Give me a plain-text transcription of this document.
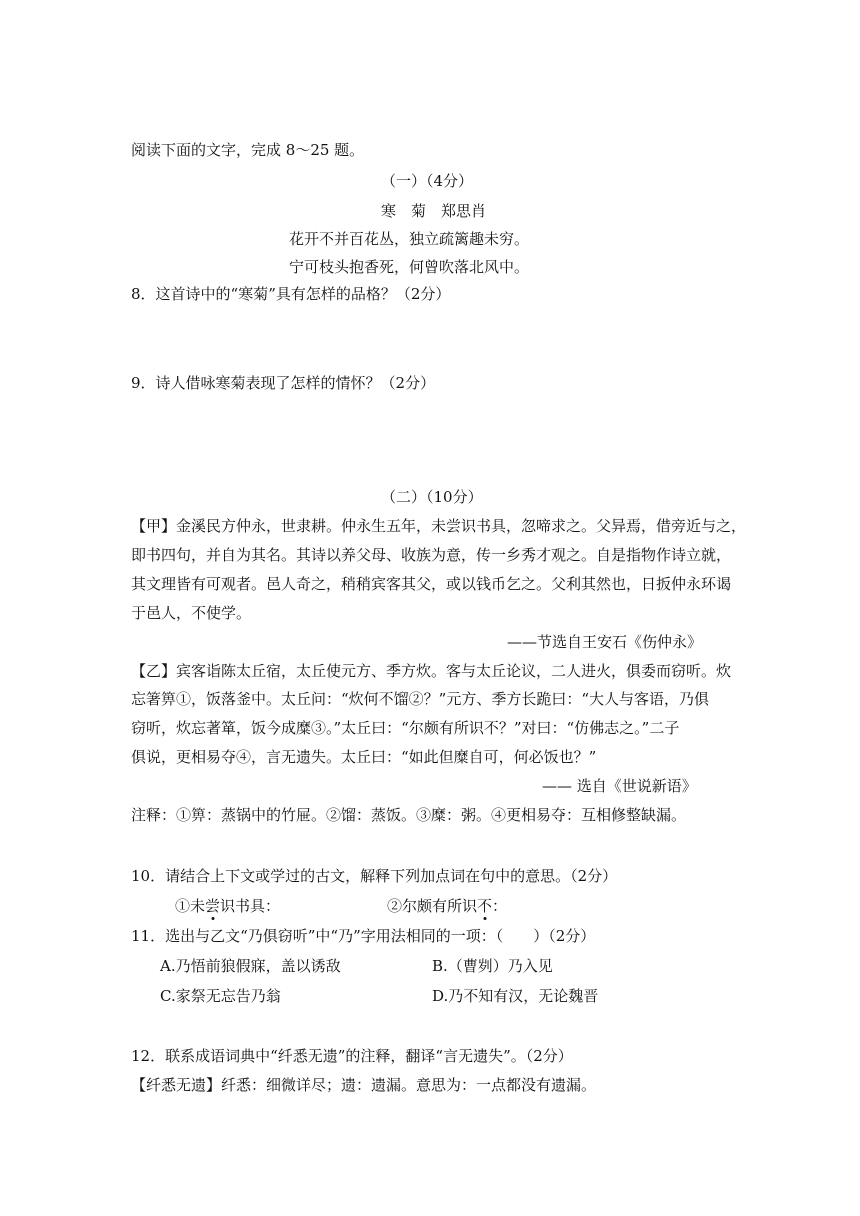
阅读下面的文字，完成 8～25 题。
（一）（4分）
寒　菊　郑思肖
花开不并百花丛，独立疏篱趣未穷。
宁可枝头抱香死，何曾吹落北风中。
8．这首诗中的“寒菊”具有怎样的品格？（2分）
9．诗人借咏寒菊表现了怎样的情怀？（2分）
（二）（10分）
【甲】金溪民方仲永，世隶耕。仲永生五年，未尝识书具，忽啼求之。父异焉，借旁近与之，
即书四句，并自为其名。其诗以养父母、收族为意，传一乡秀才观之。自是指物作诗立就，
其文理皆有可观者。邑人奇之，稍稍宾客其父，或以钱币乞之。父利其然也，日扳仲永环谒
于邑人，不使学。
——节选自王安石《伤仲永》
【乙】宾客诣陈太丘宿，太丘使元方、季方炊。客与太丘论议，二人进火，俱委而窃听。炊
忘箸箅①，饭落釜中。太丘问：“炊何不馏②？”元方、季方长跪曰：“大人与客语，乃俱
窃听，炊忘著箪，饭今成糜③。”太丘曰：“尔颇有所识不？”对曰：“仿佛志之。”二子
俱说，更相易夺④，言无遗失。太丘曰：“如此但糜自可，何必饭也？”
—— 选自《世说新语》
注释：①箅：蒸锅中的竹屉。②馏：蒸饭。③糜：粥。④更相易夺：互相修整缺漏。
10．请结合上下文或学过的古文，解释下列加点词在句中的意思。（2分）
①未尝识书具：	②尔颇有所识不：
11．选出与乙文“乃俱窃听”中“乃”字用法相同的一项：（　　）（2分）
A.乃悟前狼假寐，盖以诱敌	B.（曹刿）乃入见
C.家祭无忘告乃翁	D.乃不知有汉，无论魏晋
12．联系成语词典中“纤悉无遗”的注释，翻译“言无遗失”。（2分）
【纤悉无遗】纤悉：细微详尽；遗：遗漏。意思为：一点都没有遗漏。
